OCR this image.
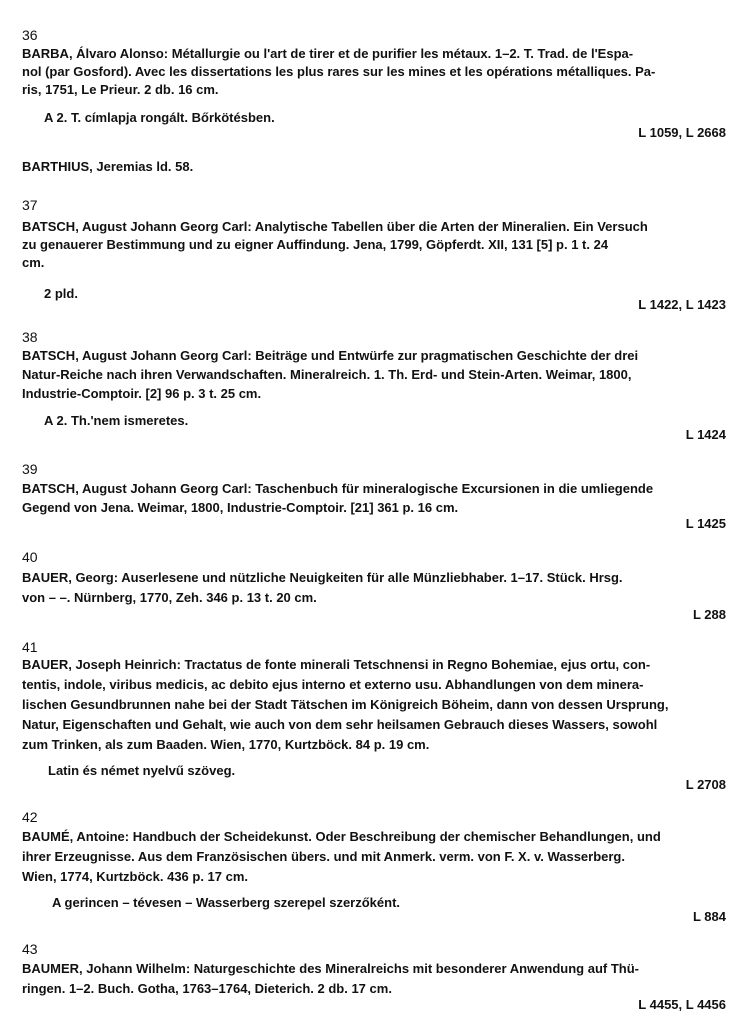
36
BARBA, Álvaro Alonso: Métallurgie ou l'art de tirer et de purifier les métaux. 1–2. T. Trad. de l'Espa-
nol (par Gosford). Avec les dissertations les plus rares sur les mines et les opérations métalliques. Pa-
ris, 1751, Le Prieur. 2 db. 16 cm.
A 2. T. címlapja rongált. Bőrkötésben.
L 1059, L 2668
BARTHIUS, Jeremias ld. 58.
37
BATSCH, August Johann Georg Carl: Analytische Tabellen über die Arten der Mineralien. Ein Versuch
zu genauerer Bestimmung und zu eigner Auffindung. Jena, 1799, Göpferdt. XII, 131 [5] p. 1 t. 24
cm.
2 pld.
L 1422, L 1423
38
BATSCH, August Johann Georg Carl: Beiträge und Entwürfe zur pragmatischen Geschichte der drei
Natur-Reiche nach ihren Verwandschaften. Mineralreich. 1. Th. Erd- und Stein-Arten. Weimar, 1800,
Industrie-Comptoir. [2] 96 p. 3 t. 25 cm.
A 2. Th.'nem ismeretes.
L 1424
39
BATSCH, August Johann Georg Carl: Taschenbuch für mineralogische Excursionen in die umliegende
Gegend von Jena. Weimar, 1800, Industrie-Comptoir. [21] 361 p. 16 cm.
L 1425
40
BAUER, Georg: Auserlesene und nützliche Neuigkeiten für alle Münzliebhaber. 1–17. Stück. Hrsg.
von – –. Nürnberg, 1770, Zeh. 346 p. 13 t. 20 cm.
L 288
41
BAUER, Joseph Heinrich: Tractatus de fonte minerali Tetschnensi in Regno Bohemiae, ejus ortu, con-
tentis, indole, viribus medicis, ac debito ejus interno et externo usu. Abhandlungen von dem minera-
lischen Gesundbrunnen nahe bei der Stadt Tätschen im Königreich Böheim, dann von dessen Ursprung,
Natur, Eigenschaften und Gehalt, wie auch von dem sehr heilsamen Gebrauch dieses Wassers, sowohl
zum Trinken, als zum Baaden. Wien, 1770, Kurtzböck. 84 p. 19 cm.
Latin és német nyelvű szöveg.
L 2708
42
BAUMÉ, Antoine: Handbuch der Scheidekunst. Oder Beschreibung der chemischer Behandlungen, und
ihrer Erzeugnisse. Aus dem Französischen übers. und mit Anmerk. verm. von F. X. v. Wasserberg.
Wien, 1774, Kurtzböck. 436 p. 17 cm.
A gerincen – tévesen – Wasserberg szerepel szerzőként.
L 884
43
BAUMER, Johann Wilhelm: Naturgeschichte des Mineralreichs mit besonderer Anwendung auf Thü-
ringen. 1–2. Buch. Gotha, 1763–1764, Dieterich. 2 db. 17 cm.
L 4455, L 4456
